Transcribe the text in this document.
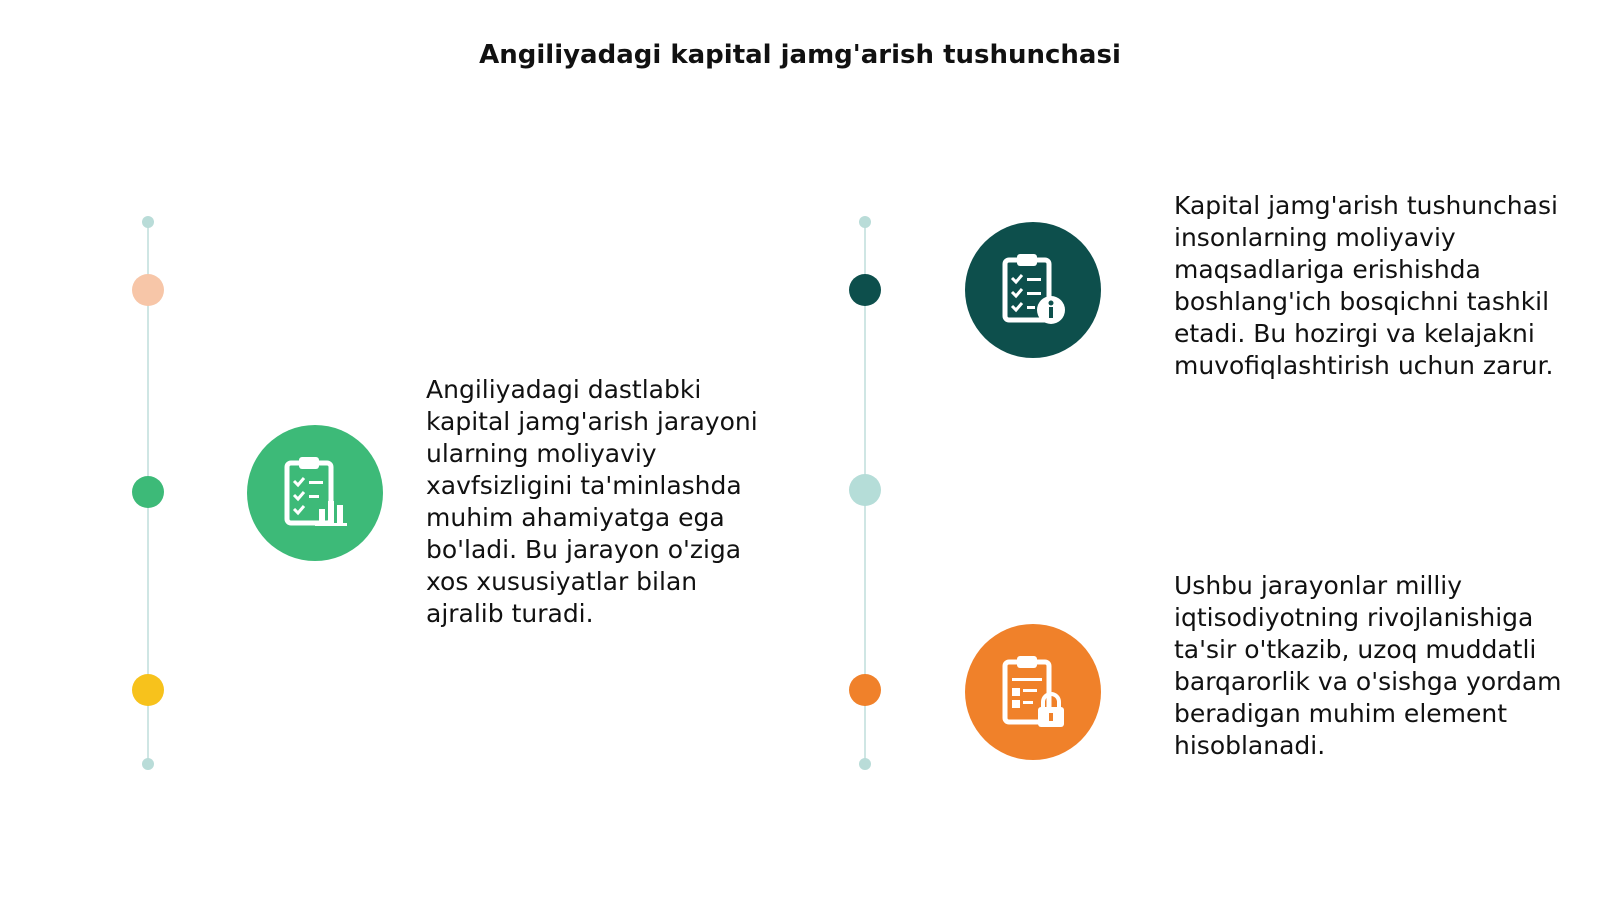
Angiliyadagi kapital jamg'arish tushunchasi

Angiliyadagi dastlabki kapital jamg'arish jarayoni ularning moliyaviy xavfsizligini ta'minlashda muhim ahamiyatga ega bo'ladi. Bu jarayon o'ziga xos xususiyatlar bilan ajralib turadi.

Kapital jamg'arish tushunchasi insonlarning moliyaviy maqsadlariga erishishda boshlang'ich bosqichni tashkil etadi. Bu hozirgi va kelajakni muvofiqlashtirish uchun zarur.

Ushbu jarayonlar milliy iqtisodiyotning rivojlanishiga ta'sir o'tkazib, uzoq muddatli barqarorlik va o'sishga yordam beradigan muhim element hisoblanadi.
